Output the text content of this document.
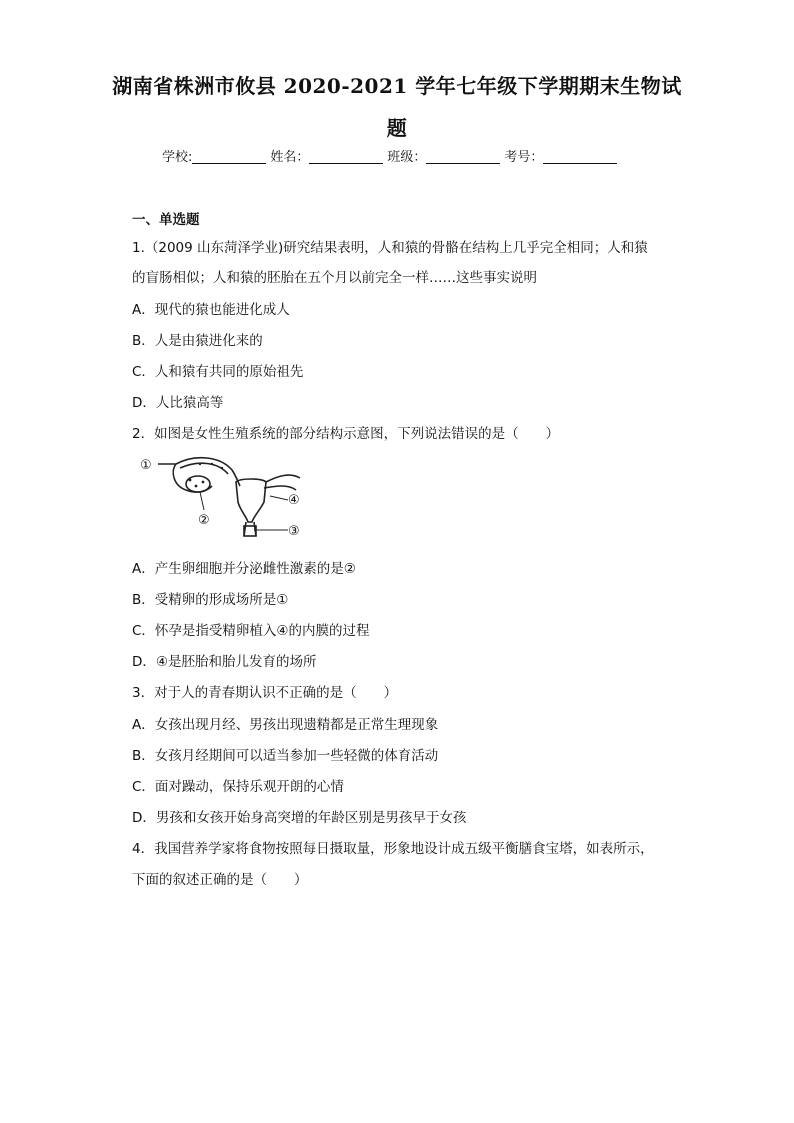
湖南省株洲市攸县 2020-2021 学年七年级下学期期末生物试
题
学校:	姓名：	班级：	考号：
一、单选题
1.（2009 山东菏泽学业)研究结果表明，人和猿的骨骼在结构上几乎完全相同；人和猿
的盲肠相似；人和猿的胚胎在五个月以前完全一样……这些事实说明
A．现代的猿也能进化成人
B．人是由猿进化来的
C．人和猿有共同的原始祖先
D．人比猿高等
2．如图是女性生殖系统的部分结构示意图，下列说法错误的是（　　）
①
②
③
④
A．产生卵细胞并分泌雌性激素的是②
B．受精卵的形成场所是①
C．怀孕是指受精卵植入④的内膜的过程
D．④是胚胎和胎儿发育的场所
3．对于人的青春期认识不正确的是（　　）
A．女孩出现月经、男孩出现遗精都是正常生理现象
B．女孩月经期间可以适当参加一些轻微的体育活动
C．面对躁动，保持乐观开朗的心情
D．男孩和女孩开始身高突增的年龄区别是男孩早于女孩
4．我国营养学家将食物按照每日摄取量，形象地设计成五级平衡膳食宝塔，如表所示，
下面的叙述正确的是（　　）
